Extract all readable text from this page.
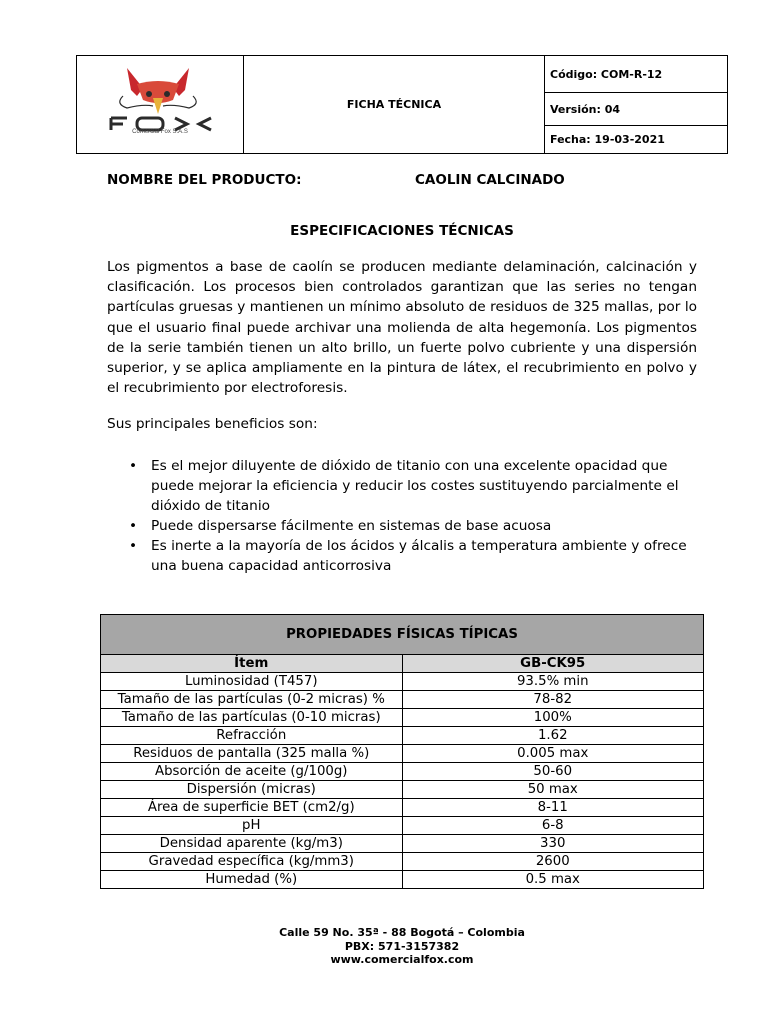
Comercial Fox S.A.S
	FICHA TÉCNICA	Código: COM-R-12
Versión: 04
Fecha: 19-03-2021
NOMBRE DEL PRODUCTO:	CAOLIN CALCINADO
ESPECIFICACIONES TÉCNICAS
Los pigmentos a base de caolín se producen mediante delaminación, calcinación y clasificación. Los procesos bien controlados garantizan que las series no tengan partículas gruesas y mantienen un mínimo absoluto de residuos de 325 mallas, por lo que el usuario final puede archivar una molienda de alta hegemonía. Los pigmentos de la serie también tienen un alto brillo, un fuerte polvo cubriente y una dispersión superior, y se aplica ampliamente en la pintura de látex, el recubrimiento en polvo y el recubrimiento por electroforesis.
Sus principales beneficios son:
• Es el mejor diluyente de dióxido de titanio con una excelente opacidad que puede mejorar la eficiencia y reducir los costes sustituyendo parcialmente el dióxido de titanio
• Puede dispersarse fácilmente en sistemas de base acuosa
• Es inerte a la mayoría de los ácidos y álcalis a temperatura ambiente y ofrece una buena capacidad anticorrosiva
PROPIEDADES FÍSICAS TÍPICAS	
Ítem	GB-CK95
Luminosidad (T457)	93.5% min
Tamaño de las partículas (0-2 micras) %	78-82
Tamaño de las partículas (0-10 micras)	100%
Refracción	1.62
Residuos de pantalla (325 malla %)	0.005 max
Absorción de aceite (g/100g)	50-60
Dispersión (micras)	50 max
Área de superficie BET (cm2/g)	8-11
pH	6-8
Densidad aparente (kg/m3)	330
Gravedad específica (kg/mm3)	2600
Humedad (%)	0.5 max
Calle 59 No. 35ª - 88 Bogotá – Colombia
PBX: 571-3157382
www.comercialfox.com
